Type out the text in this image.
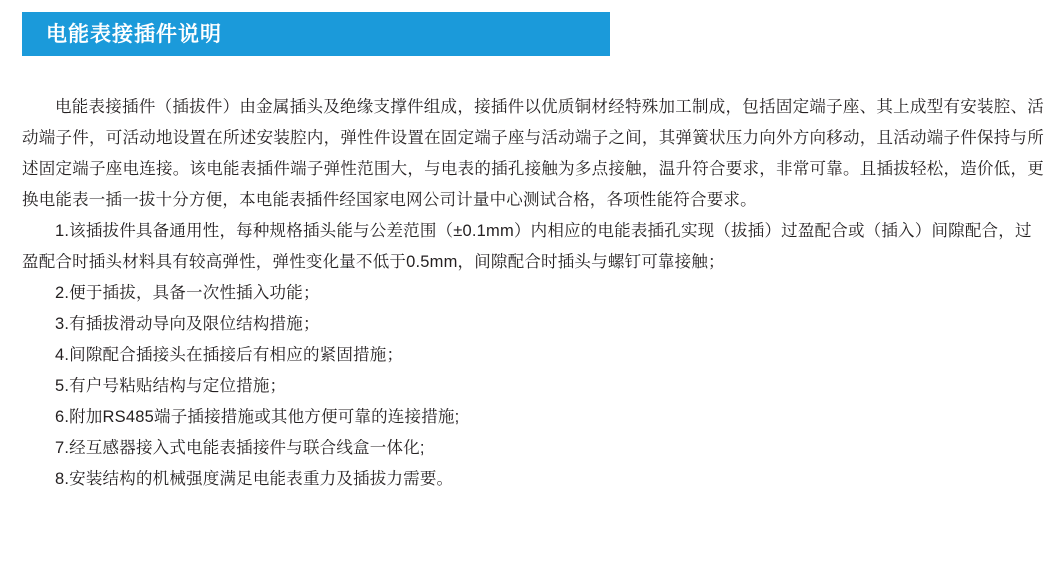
电能表接插件说明

电能表接插件（插拔件）由金属插头及绝缘支撑件组成，接插件以优质铜材经特殊加工制成，包括固定端子座、其上成型有安装腔、活动端子件，可活动地设置在所述安装腔内，弹性件设置在固定端子座与活动端子之间，其弹簧状压力向外方向移动，且活动端子件保持与所述固定端子座电连接。该电能表插件端子弹性范围大，与电表的插孔接触为多点接触，温升符合要求，非常可靠。且插拔轻松，造价低，更换电能表一插一拔十分方便，本电能表插件经国家电网公司计量中心测试合格，各项性能符合要求。

1.该插拔件具备通用性，每种规格插头能与公差范围（±0.1mm）内相应的电能表插孔实现（拔插）过盈配合或（插入）间隙配合，过盈配合时插头材料具有较高弹性，弹性变化量不低于0.5mm，间隙配合时插头与螺钉可靠接触；

2.便于插拔，具备一次性插入功能；

3.有插拔滑动导向及限位结构措施；

4.间隙配合插接头在插接后有相应的紧固措施；

5.有户号粘贴结构与定位措施；

6.附加RS485端子插接措施或其他方便可靠的连接措施;

7.经互感器接入式电能表插接件与联合线盒一体化;

8.安装结构的机械强度满足电能表重力及插拔力需要。
